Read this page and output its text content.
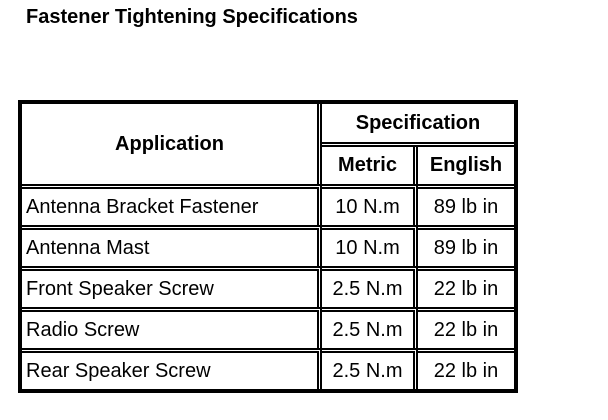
Fastener Tightening Specifications
Application	Specification	
	Metric	English
Antenna Bracket Fastener	10 N.m	89 lb in
Antenna Mast	10 N.m	89 lb in
Front Speaker Screw	2.5 N.m	22 lb in
Radio Screw	2.5 N.m	22 lb in
Rear Speaker Screw	2.5 N.m	22 lb in
